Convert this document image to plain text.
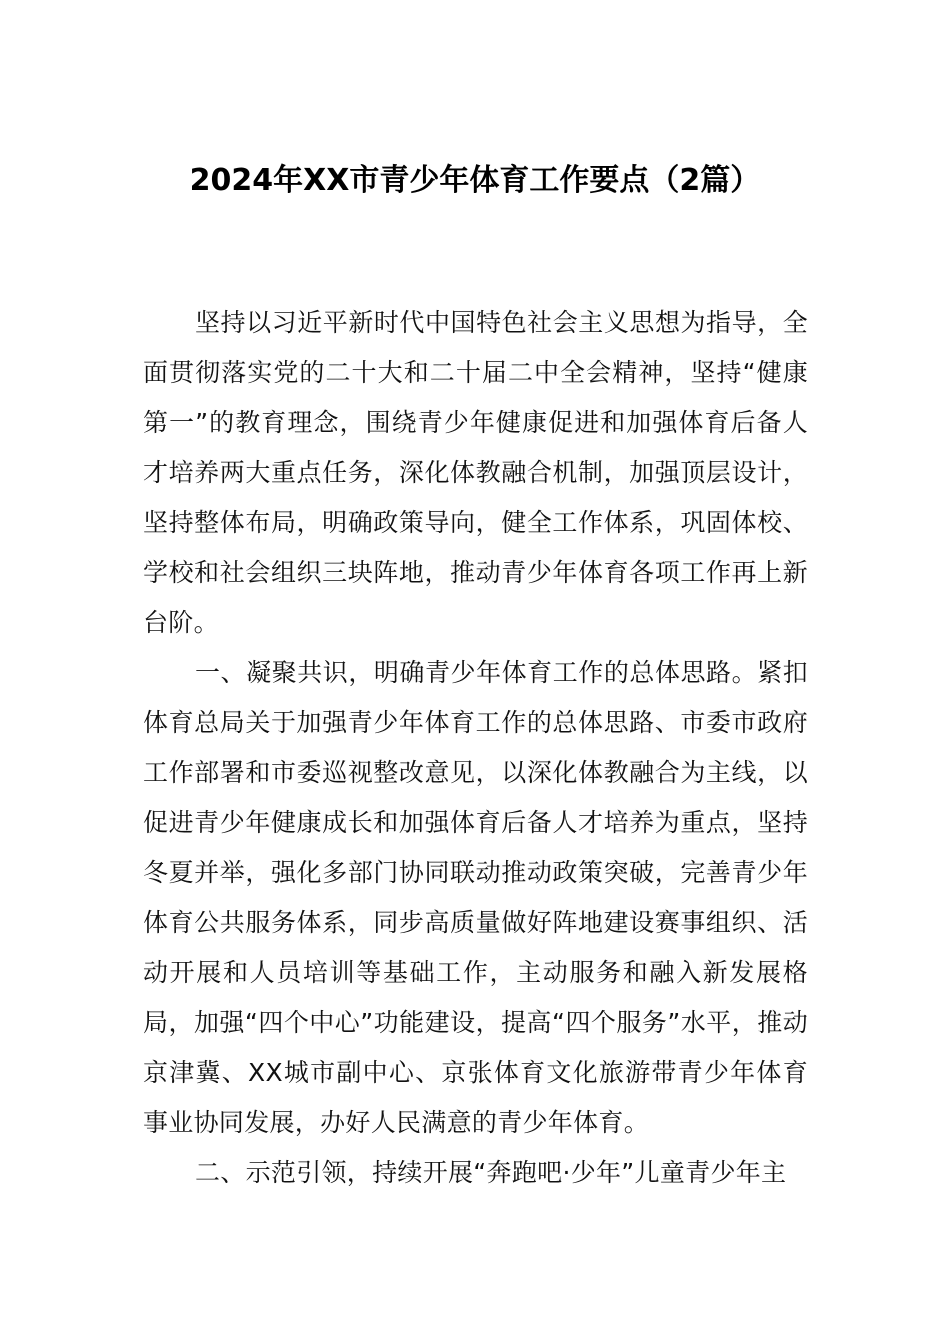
2024年XX市青少年体育工作要点（2篇）

坚持以习近平新时代中国特色社会主义思想为指导，全面贯彻落实党的二十大和二十届二中全会精神，坚持“健康第一”的教育理念，围绕青少年健康促进和加强体育后备人才培养两大重点任务，深化体教融合机制，加强顶层设计，坚持整体布局，明确政策导向，健全工作体系，巩固体校、学校和社会组织三块阵地，推动青少年体育各项工作再上新台阶。

一、凝聚共识，明确青少年体育工作的总体思路。紧扣体育总局关于加强青少年体育工作的总体思路、市委市政府工作部署和市委巡视整改意见，以深化体教融合为主线，以促进青少年健康成长和加强体育后备人才培养为重点，坚持冬夏并举，强化多部门协同联动推动政策突破，完善青少年体育公共服务体系，同步高质量做好阵地建设赛事组织、活动开展和人员培训等基础工作，主动服务和融入新发展格局，加强“四个中心”功能建设，提高“四个服务”水平，推动京津冀、XX城市副中心、京张体育文化旅游带青少年体育事业协同发展，办好人民满意的青少年体育。

二、示范引领，持续开展“奔跑吧·少年”儿童青少年主
